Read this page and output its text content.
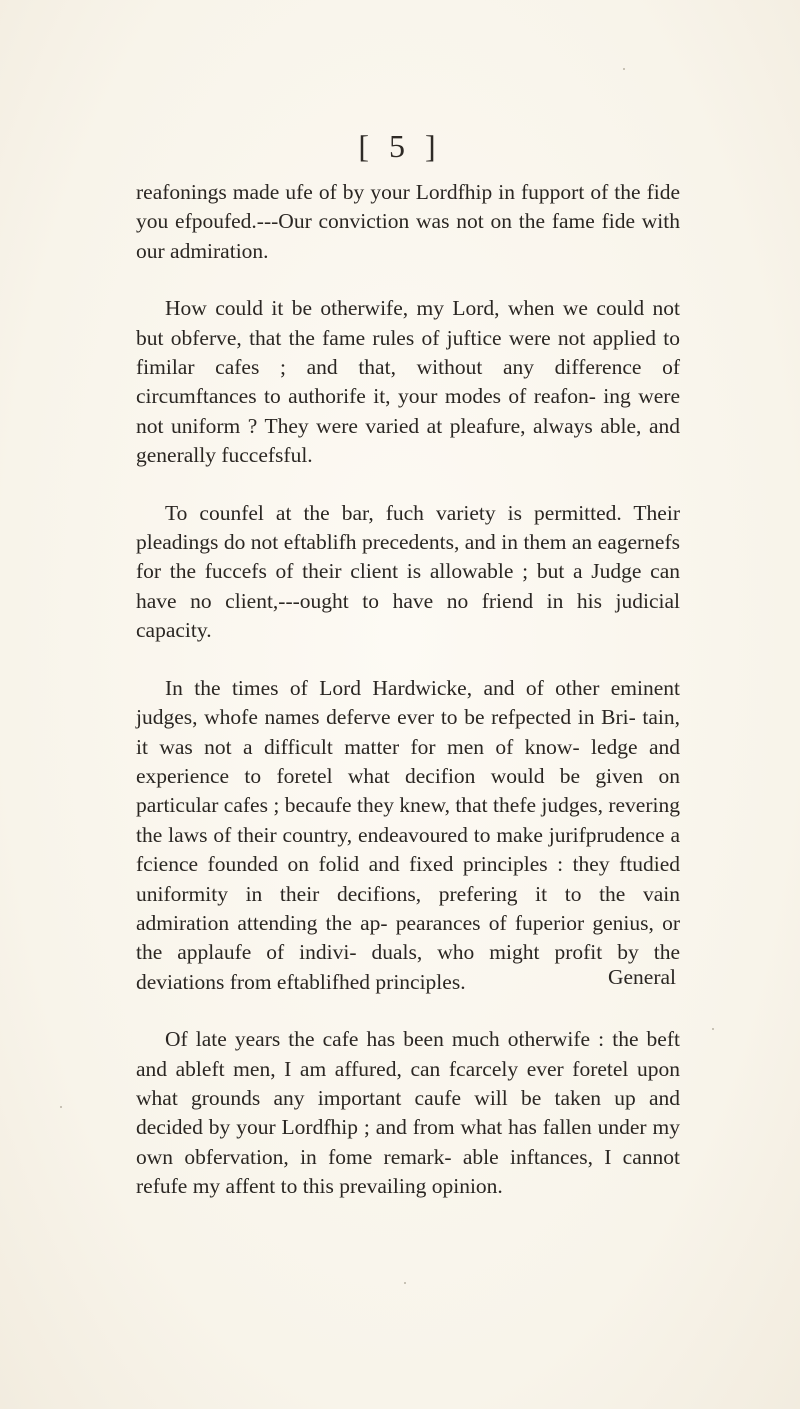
[ 5 ]

reafonings made ufe of by your Lordfhip in fupport of the fide you efpoufed.---Our conviction was not on the fame fide with our admiration.

How could it be otherwife, my Lord, when we could not but obferve, that the fame rules of juftice were not applied to fimilar cafes ; and that, without any difference of circumftances to authorife it, your modes of reafon- ing were not uniform ? They were varied at pleafure, always able, and generally fuccefsful.

To counfel at the bar, fuch variety is permitted. Their pleadings do not eftablifh precedents, and in them an eagernefs for the fuccefs of their client is allowable ; but a Judge can have no client,---ought to have no friend in his judicial capacity.

In the times of Lord Hardwicke, and of other eminent judges, whofe names deferve ever to be refpected in Bri- tain, it was not a difficult matter for men of know- ledge and experience to foretel what decifion would be given on particular cafes ; becaufe they knew, that thefe judges, revering the laws of their country, endeavoured to make jurifprudence a fcience founded on folid and fixed principles : they ftudied uniformity in their decifions, prefering it to the vain admiration attending the ap- pearances of fuperior genius, or the applaufe of indivi- duals, who might profit by the deviations from eftablifhed principles.

Of late years the cafe has been much otherwife : the beft and ableft men, I am affured, can fcarcely ever foretel upon what grounds any important caufe will be taken up and decided by your Lordfhip ; and from what has fallen under my own obfervation, in fome remark- able inftances, I cannot refufe my affent to this prevailing opinion.

General
